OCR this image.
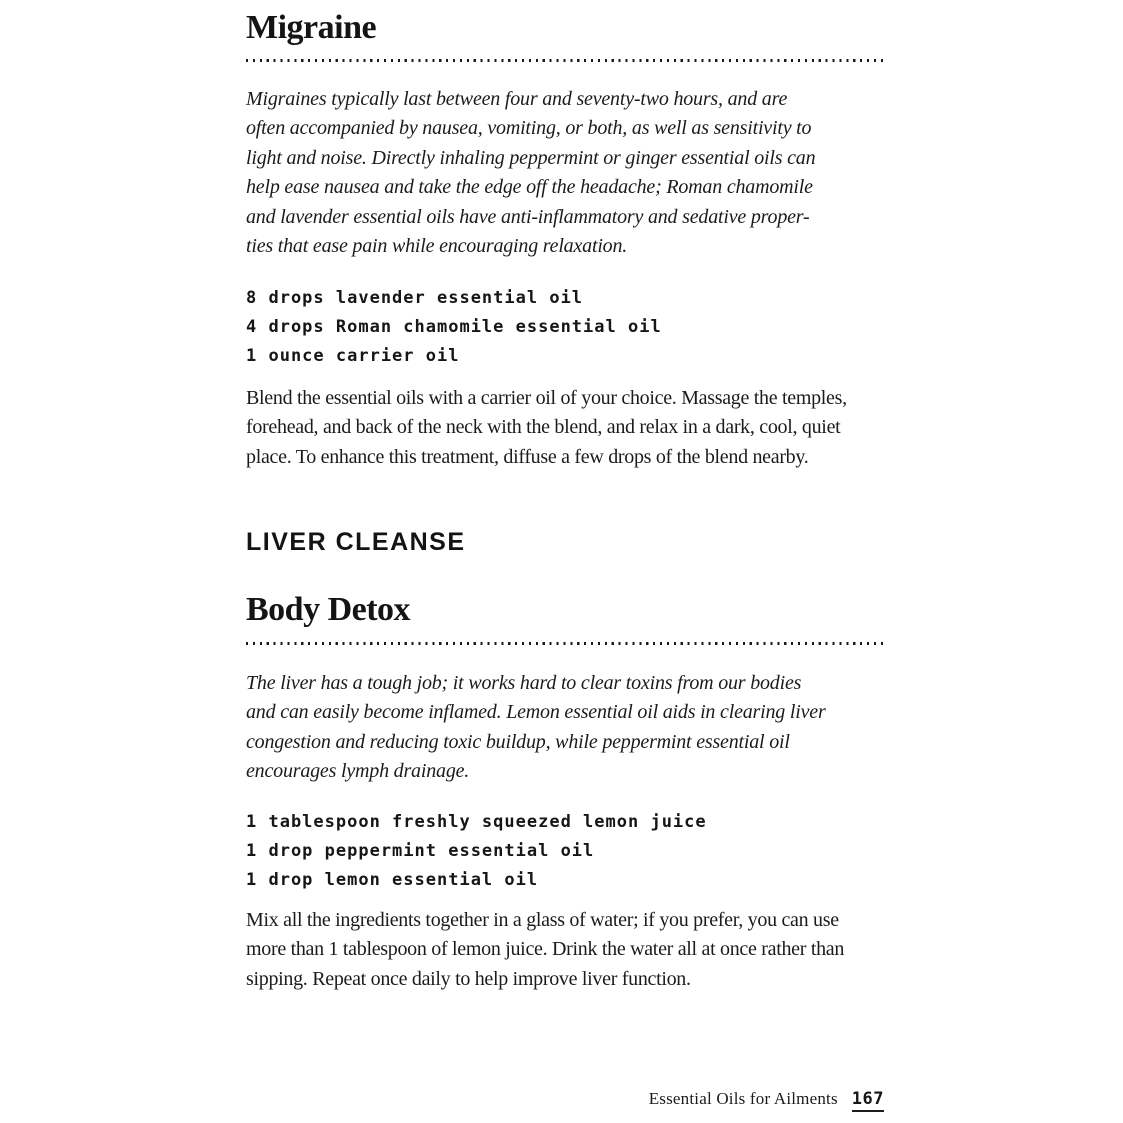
Migraine
Migraines typically last between four and seventy-two hours, and are
often accompanied by nausea, vomiting, or both, as well as sensitivity to
light and noise. Directly inhaling peppermint or ginger essential oils can
help ease nausea and take the edge off the headache; Roman chamomile
and lavender essential oils have anti-inflammatory and sedative proper-
ties that ease pain while encouraging relaxation.
8 drops lavender essential oil
4 drops Roman chamomile essential oil
1 ounce carrier oil
Blend the essential oils with a carrier oil of your choice. Massage the temples,
forehead, and back of the neck with the blend, and relax in a dark, cool, quiet
place. To enhance this treatment, diffuse a few drops of the blend nearby.
LIVER CLEANSE
Body Detox
The liver has a tough job; it works hard to clear toxins from our bodies
and can easily become inflamed. Lemon essential oil aids in clearing liver
congestion and reducing toxic buildup, while peppermint essential oil
encourages lymph drainage.
1 tablespoon freshly squeezed lemon juice
1 drop peppermint essential oil
1 drop lemon essential oil
Mix all the ingredients together in a glass of water; if you prefer, you can use
more than 1 tablespoon of lemon juice. Drink the water all at once rather than
sipping. Repeat once daily to help improve liver function.
Essential Oils for Ailments 167
